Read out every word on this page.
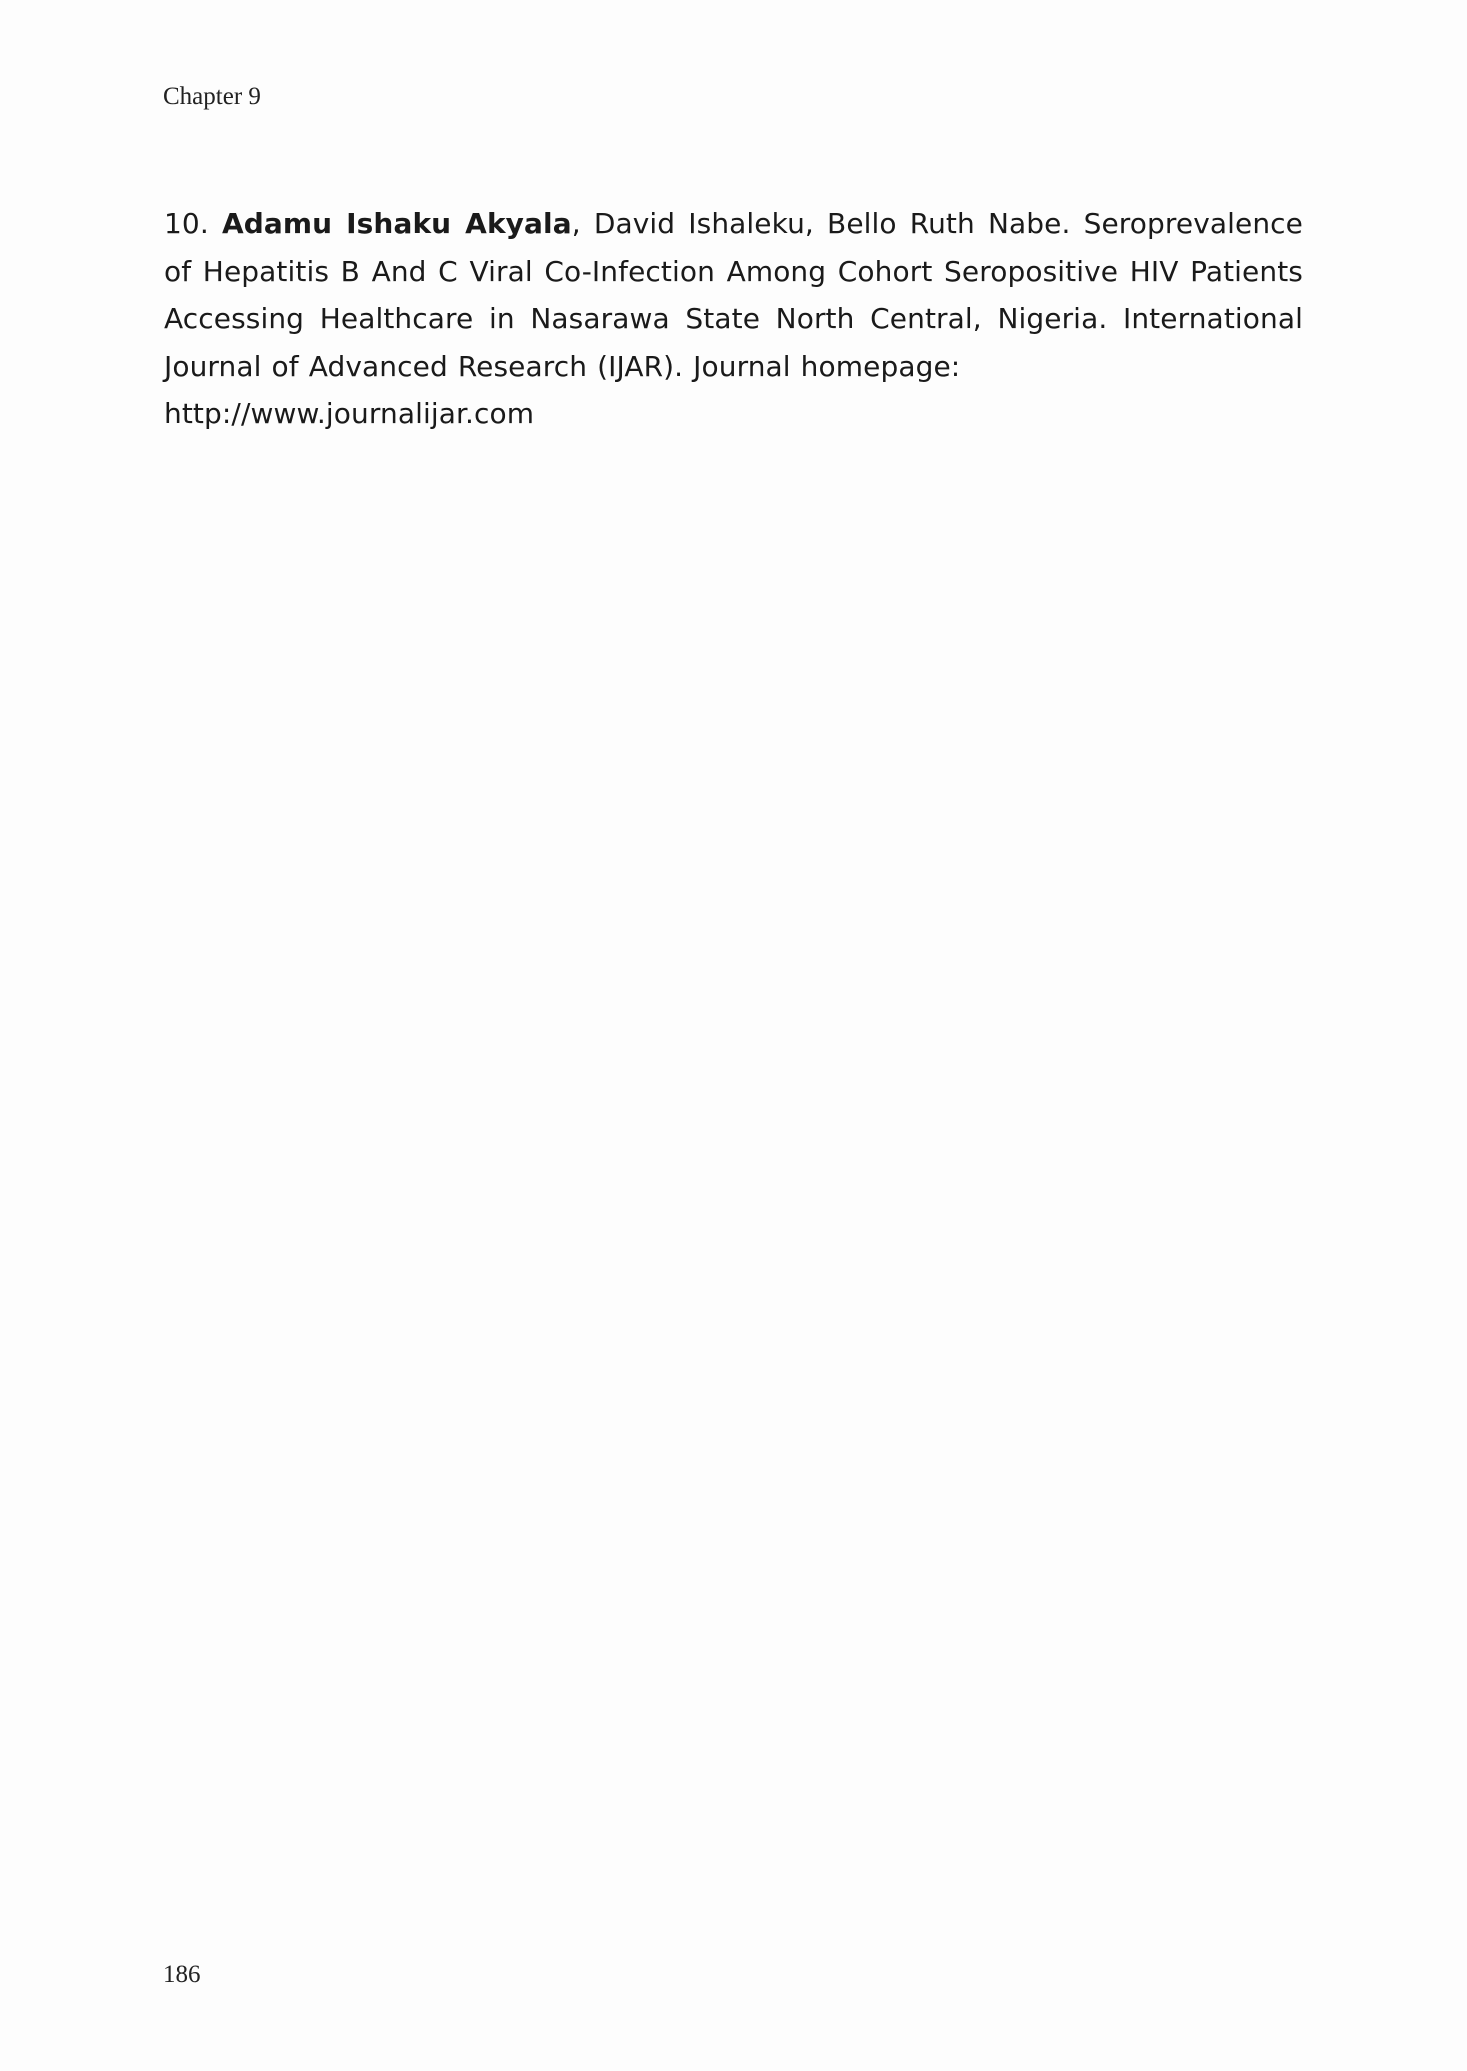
Chapter 9
10. Adamu Ishaku Akyala, David Ishaleku, Bello Ruth Nabe. Seroprevalence of Hepatitis B And C Viral Co-Infection Among Cohort Seropositive HIV Patients Accessing Healthcare in Nasarawa State North Central, Nigeria. International Journal of Advanced Research (IJAR). Journal homepage:
http://www.journalijar.com
186
